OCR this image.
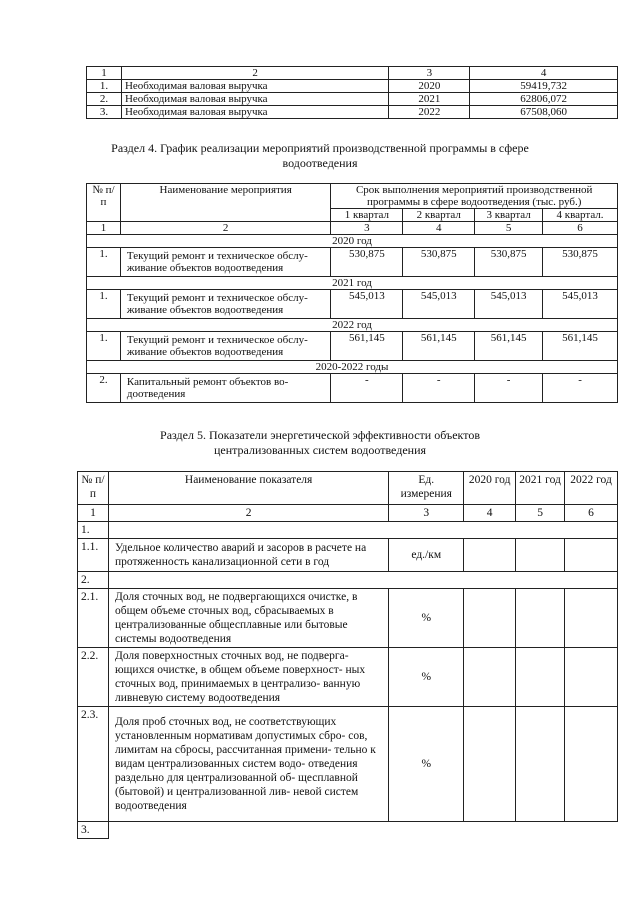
1	2	3	4
1.	Необходимая валовая выручка	2020	59419,732
2.	Необходимая валовая выручка	2021	62806,072
3.	Необходимая валовая выручка	2022	67508,060
Раздел 4. График реализации мероприятий производственной программы в сфере
водоотведения
№ п/п	Наименование мероприятия	Срок выполнения мероприятий производственной программы в сфере водоотведения (тыс. руб.)			
		1 квартал	2 квартал	3 квартал	4 квартал.
1	2	3	4	5	6
2020 год					
1.	Текущий ремонт и техническое обслу- живание объектов водоотведения	530,875	530,875	530,875	530,875
2021 год					
1.	Текущий ремонт и техническое обслу- живание объектов водоотведения	545,013	545,013	545,013	545,013
2022 год					
1.	Текущий ремонт и техническое обслу- живание объектов водоотведения	561,145	561,145	561,145	561,145
2020-2022 годы					
2.	Капитальный ремонт объектов во- доотведения	-	-	-	-
Раздел 5. Показатели энергетической эффективности объектов
централизованных систем водоотведения
№ п/п	Наименование показателя	Ед. измерения	2020 год	2021 год	2022 год
1	2	3	4	5	6
1.					
1.1.	Удельное количество аварий и засоров в расчете на протяженность канализационной сети в год	ед./км			
2.					
2.1.	Доля сточных вод, не подвергающихся очистке, в общем объеме сточных вод, сбрасываемых в централизованные общесплавные или бытовые системы водоотведения	%			
2.2.	Доля поверхностных сточных вод, не подверга- ющихся очистке, в общем объеме поверхност- ных сточных вод, принимаемых в централизо- ванную ливневую систему водоотведения	%			
2.3.	Доля проб сточных вод, не соответствующих установленным нормативам допустимых сбро- сов, лимитам на сбросы, рассчитанная примени- тельно к видам централизованных систем водо- отведения раздельно для централизованной об- щесплавной (бытовой) и централизованной лив- невой систем водоотведения	%			
3.					
